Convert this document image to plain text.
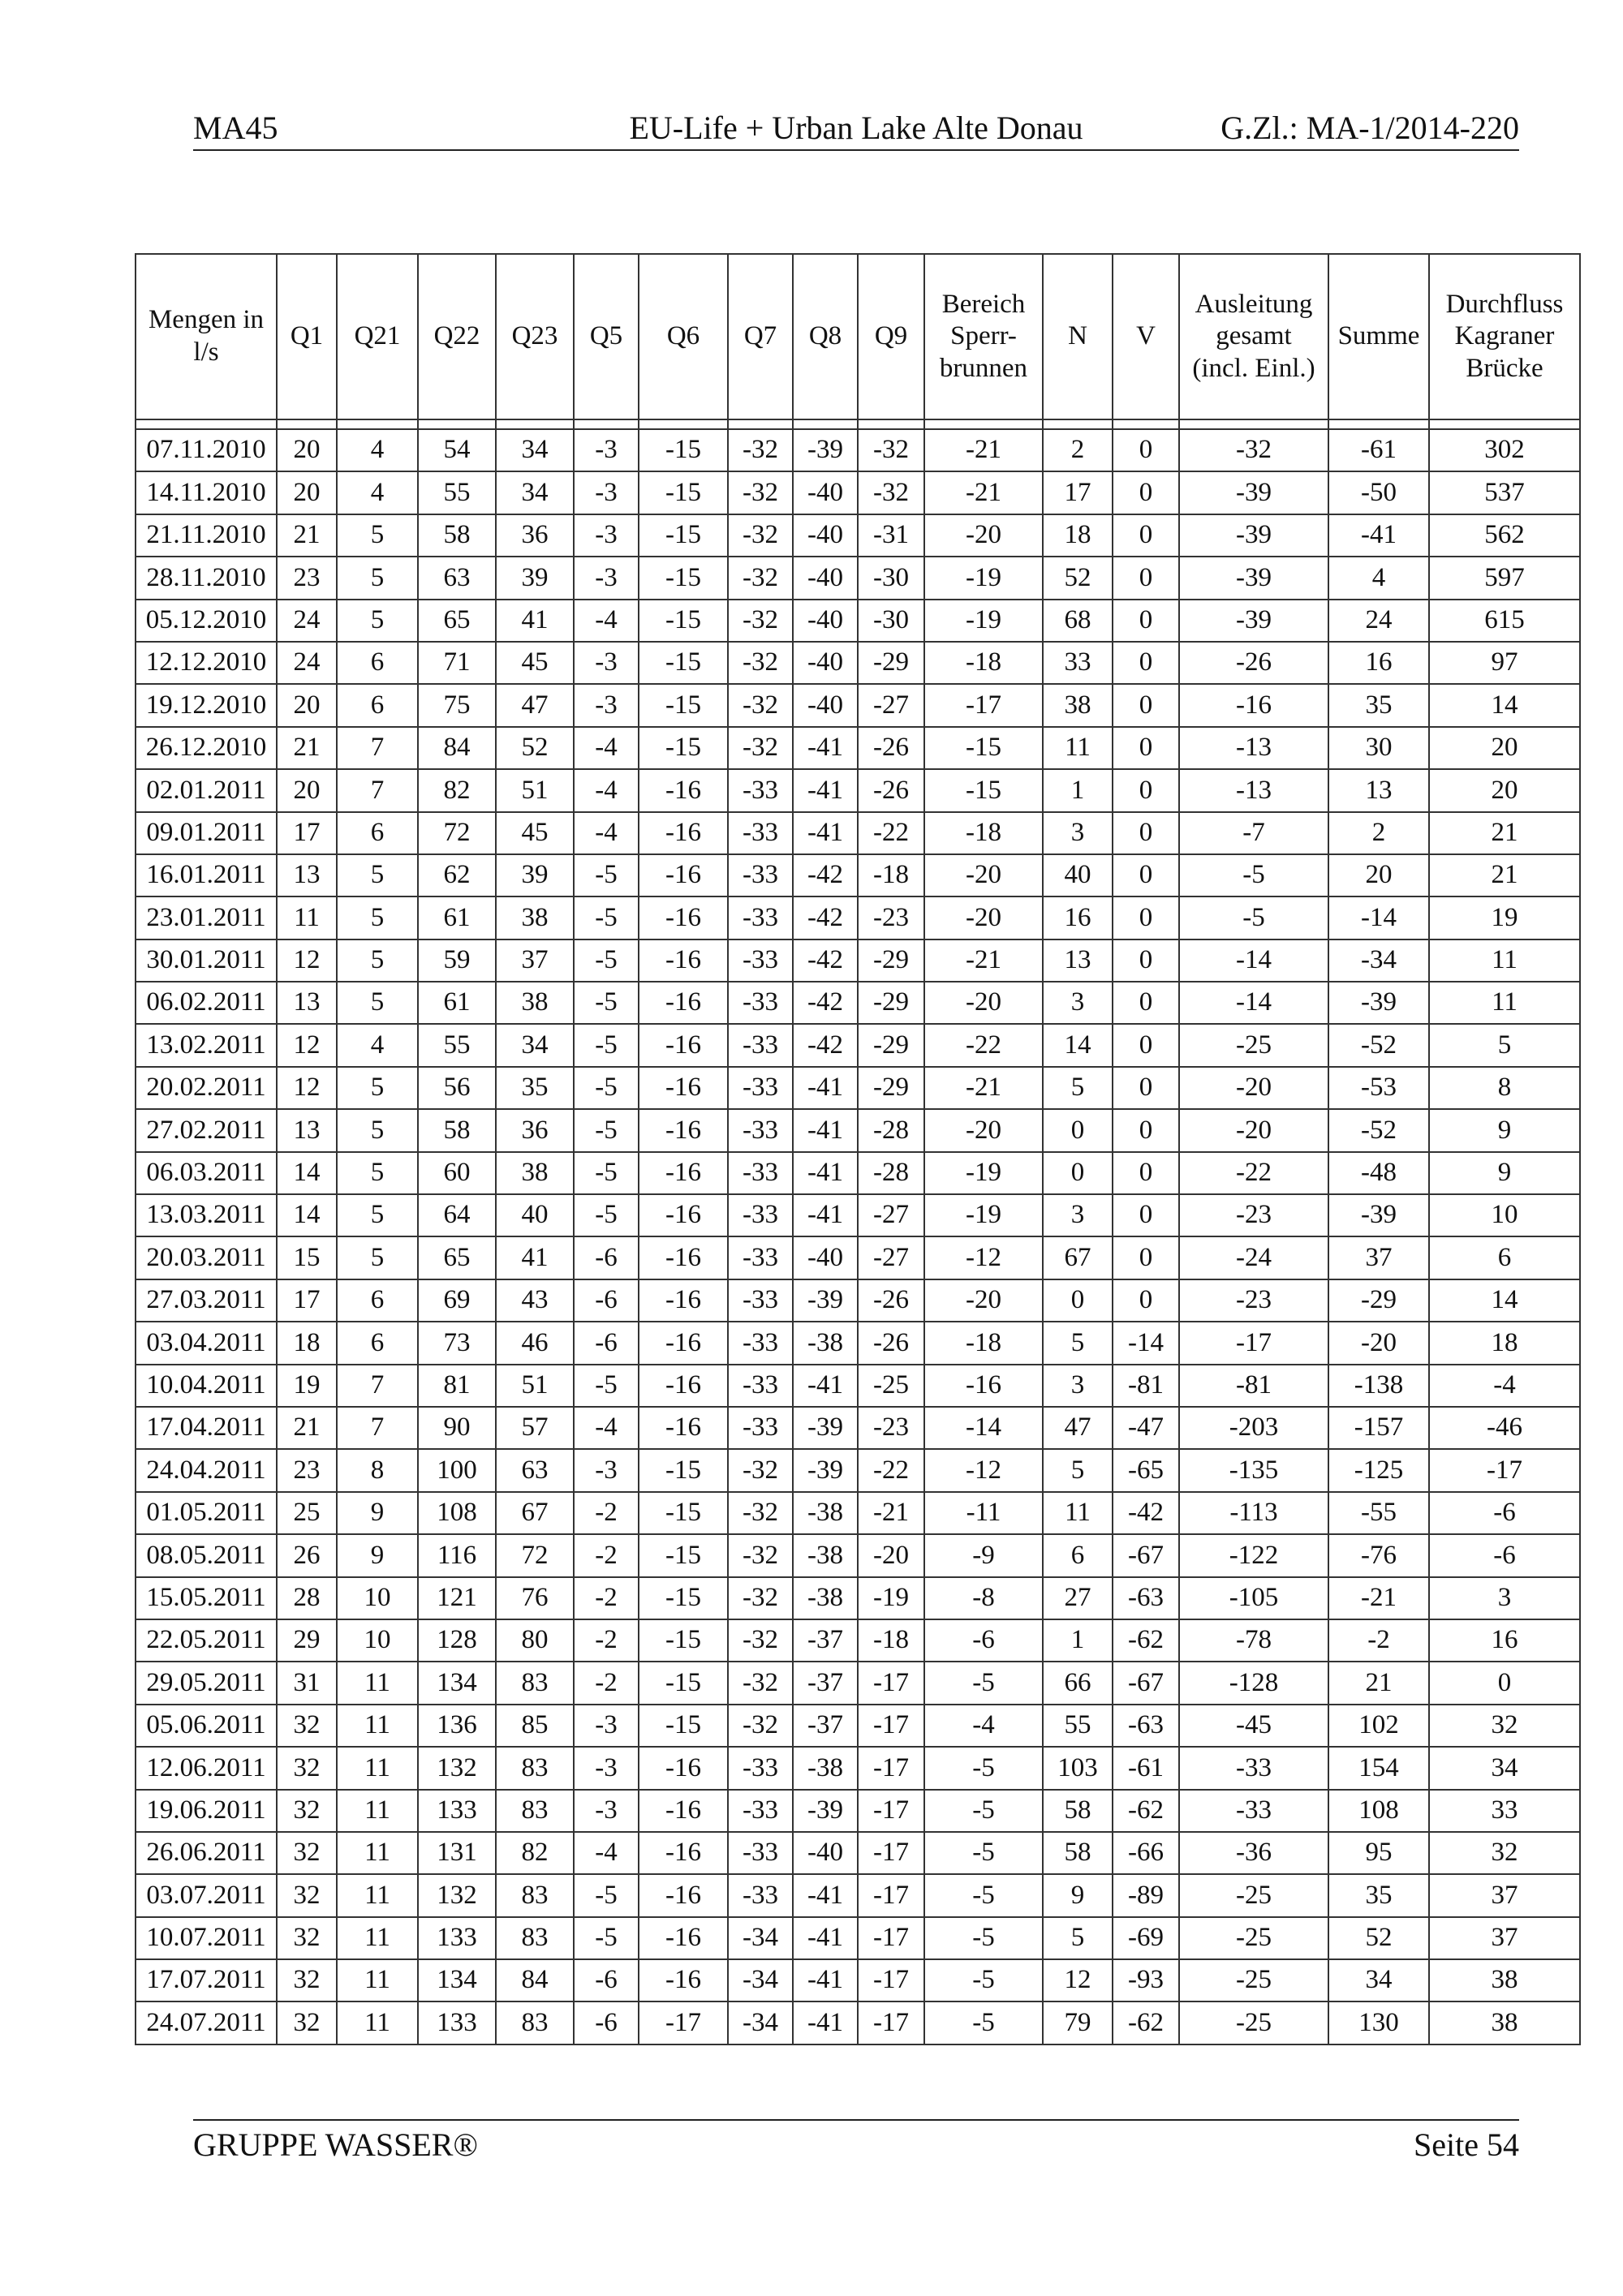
MA45	EU-Life + Urban Lake Alte Donau	G.Zl.: MA-1/2014-220
Mengen in
l/s	Q1	Q21	Q22	Q23	Q5	Q6	Q7	Q8	Q9	Bereich
Sperr-
brunnen	N	V	Ausleitung
gesamt
(incl. Einl.)	Summe	Durchfluss
Kagraner
Brücke

07.11.2010	20	4	54	34	-3	-15	-32	-39	-32	-21	2	0	-32	-61	302
14.11.2010	20	4	55	34	-3	-15	-32	-40	-32	-21	17	0	-39	-50	537
21.11.2010	21	5	58	36	-3	-15	-32	-40	-31	-20	18	0	-39	-41	562
28.11.2010	23	5	63	39	-3	-15	-32	-40	-30	-19	52	0	-39	4	597
05.12.2010	24	5	65	41	-4	-15	-32	-40	-30	-19	68	0	-39	24	615
12.12.2010	24	6	71	45	-3	-15	-32	-40	-29	-18	33	0	-26	16	97
19.12.2010	20	6	75	47	-3	-15	-32	-40	-27	-17	38	0	-16	35	14
26.12.2010	21	7	84	52	-4	-15	-32	-41	-26	-15	11	0	-13	30	20
02.01.2011	20	7	82	51	-4	-16	-33	-41	-26	-15	1	0	-13	13	20
09.01.2011	17	6	72	45	-4	-16	-33	-41	-22	-18	3	0	-7	2	21
16.01.2011	13	5	62	39	-5	-16	-33	-42	-18	-20	40	0	-5	20	21
23.01.2011	11	5	61	38	-5	-16	-33	-42	-23	-20	16	0	-5	-14	19
30.01.2011	12	5	59	37	-5	-16	-33	-42	-29	-21	13	0	-14	-34	11
06.02.2011	13	5	61	38	-5	-16	-33	-42	-29	-20	3	0	-14	-39	11
13.02.2011	12	4	55	34	-5	-16	-33	-42	-29	-22	14	0	-25	-52	5
20.02.2011	12	5	56	35	-5	-16	-33	-41	-29	-21	5	0	-20	-53	8
27.02.2011	13	5	58	36	-5	-16	-33	-41	-28	-20	0	0	-20	-52	9
06.03.2011	14	5	60	38	-5	-16	-33	-41	-28	-19	0	0	-22	-48	9
13.03.2011	14	5	64	40	-5	-16	-33	-41	-27	-19	3	0	-23	-39	10
20.03.2011	15	5	65	41	-6	-16	-33	-40	-27	-12	67	0	-24	37	6
27.03.2011	17	6	69	43	-6	-16	-33	-39	-26	-20	0	0	-23	-29	14
03.04.2011	18	6	73	46	-6	-16	-33	-38	-26	-18	5	-14	-17	-20	18
10.04.2011	19	7	81	51	-5	-16	-33	-41	-25	-16	3	-81	-81	-138	-4
17.04.2011	21	7	90	57	-4	-16	-33	-39	-23	-14	47	-47	-203	-157	-46
24.04.2011	23	8	100	63	-3	-15	-32	-39	-22	-12	5	-65	-135	-125	-17
01.05.2011	25	9	108	67	-2	-15	-32	-38	-21	-11	11	-42	-113	-55	-6
08.05.2011	26	9	116	72	-2	-15	-32	-38	-20	-9	6	-67	-122	-76	-6
15.05.2011	28	10	121	76	-2	-15	-32	-38	-19	-8	27	-63	-105	-21	3
22.05.2011	29	10	128	80	-2	-15	-32	-37	-18	-6	1	-62	-78	-2	16
29.05.2011	31	11	134	83	-2	-15	-32	-37	-17	-5	66	-67	-128	21	0
05.06.2011	32	11	136	85	-3	-15	-32	-37	-17	-4	55	-63	-45	102	32
12.06.2011	32	11	132	83	-3	-16	-33	-38	-17	-5	103	-61	-33	154	34
19.06.2011	32	11	133	83	-3	-16	-33	-39	-17	-5	58	-62	-33	108	33
26.06.2011	32	11	131	82	-4	-16	-33	-40	-17	-5	58	-66	-36	95	32
03.07.2011	32	11	132	83	-5	-16	-33	-41	-17	-5	9	-89	-25	35	37
10.07.2011	32	11	133	83	-5	-16	-34	-41	-17	-5	5	-69	-25	52	37
17.07.2011	32	11	134	84	-6	-16	-34	-41	-17	-5	12	-93	-25	34	38
24.07.2011	32	11	133	83	-6	-17	-34	-41	-17	-5	79	-62	-25	130	38
GRUPPE WASSER®	Seite 54
